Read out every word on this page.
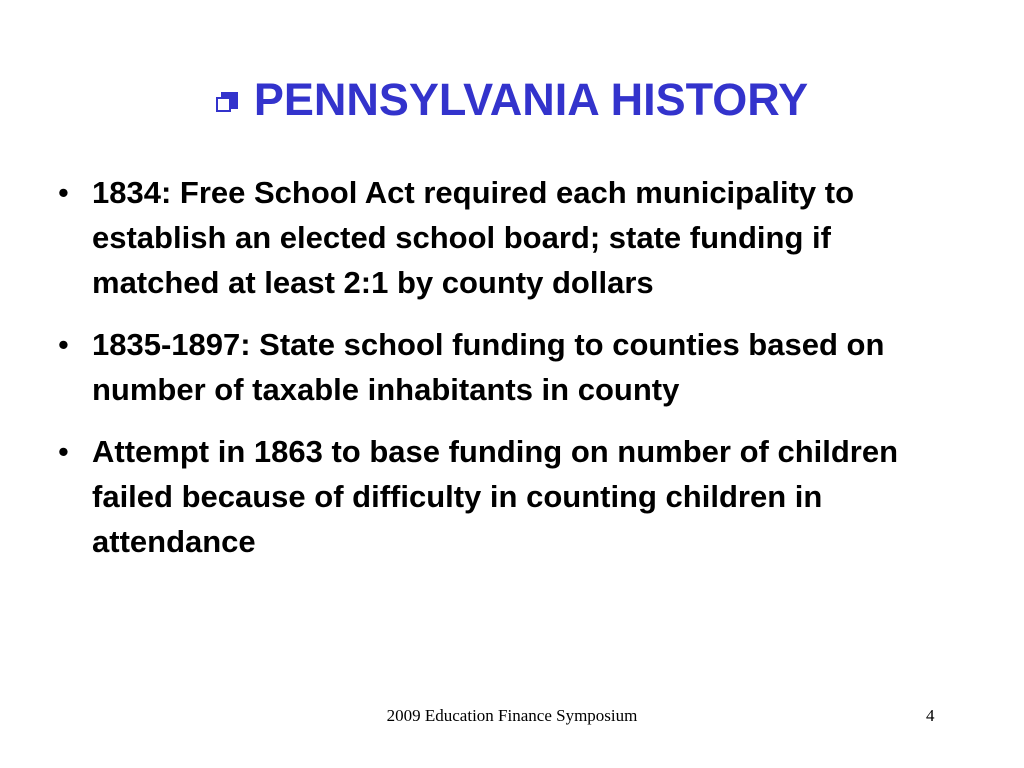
PENNSYLVANIA HISTORY
• 1834: Free School Act required each municipality to establish an elected school board; state funding if matched at least 2:1 by county dollars
• 1835-1897: State school funding to counties based on number of taxable inhabitants in county
• Attempt in 1863 to base funding on number of children failed because of difficulty in counting children in attendance
2009 Education Finance Symposium	4
